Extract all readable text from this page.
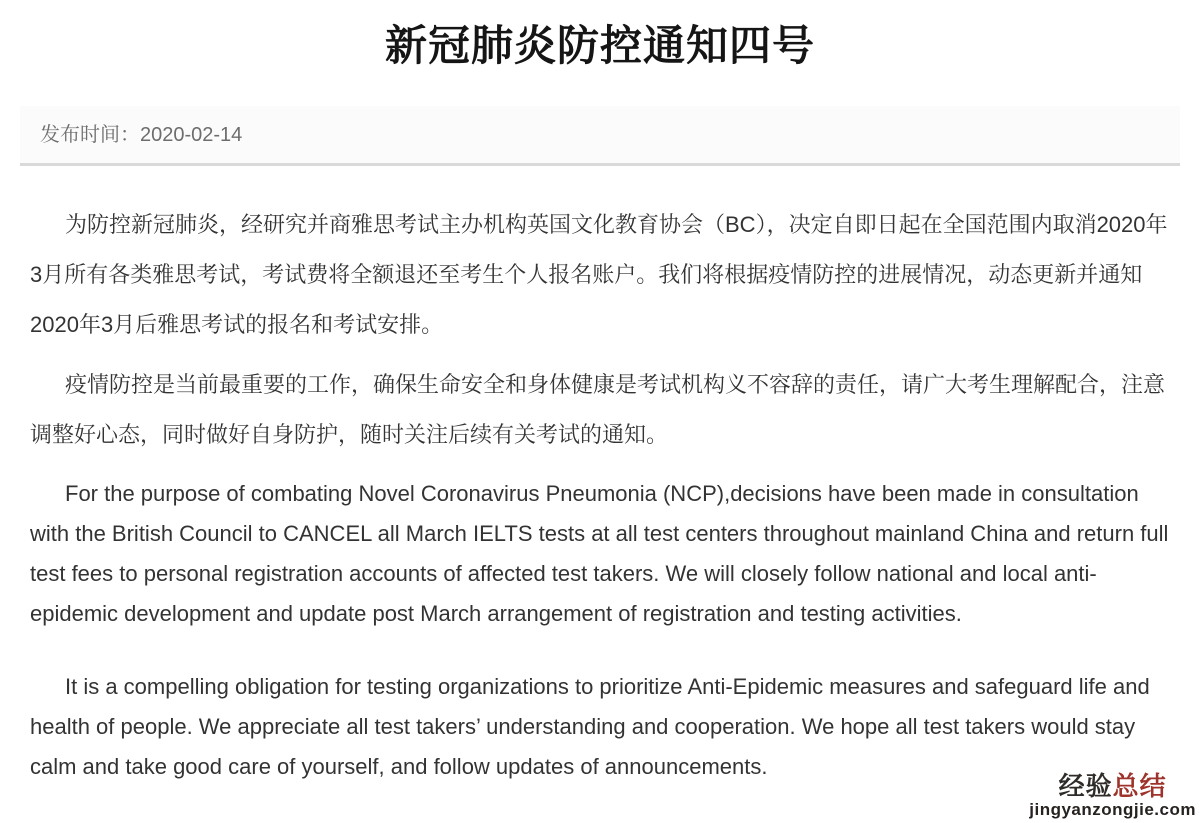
新冠肺炎防控通知四号
发布时间：2020-02-14

为防控新冠肺炎，经研究并商雅思考试主办机构英国文化教育协会（BC），决定自即日起在全国范围内取消2020年3月所有各类雅思考试，考试费将全额退还至考生个人报名账户。我们将根据疫情防控的进展情况，动态更新并通知2020年3月后雅思考试的报名和考试安排。

疫情防控是当前最重要的工作，确保生命安全和身体健康是考试机构义不容辞的责任，请广大考生理解配合，注意调整好心态，同时做好自身防护，随时关注后续有关考试的通知。

For the purpose of combating Novel Coronavirus Pneumonia (NCP),decisions have been made in consultation with the British Council to CANCEL all March IELTS tests at all test centers throughout mainland China and return full test fees to personal registration accounts of affected test takers. We will closely follow national and local anti-epidemic development and update post March arrangement of registration and testing activities.

It is a compelling obligation for testing organizations to prioritize Anti-Epidemic measures and safeguard life and health of people. We appreciate all test takers’ understanding and cooperation. We hope all test takers would stay calm and take good care of yourself, and follow updates of announcements.

经验总结
jingyanzongjie.com
